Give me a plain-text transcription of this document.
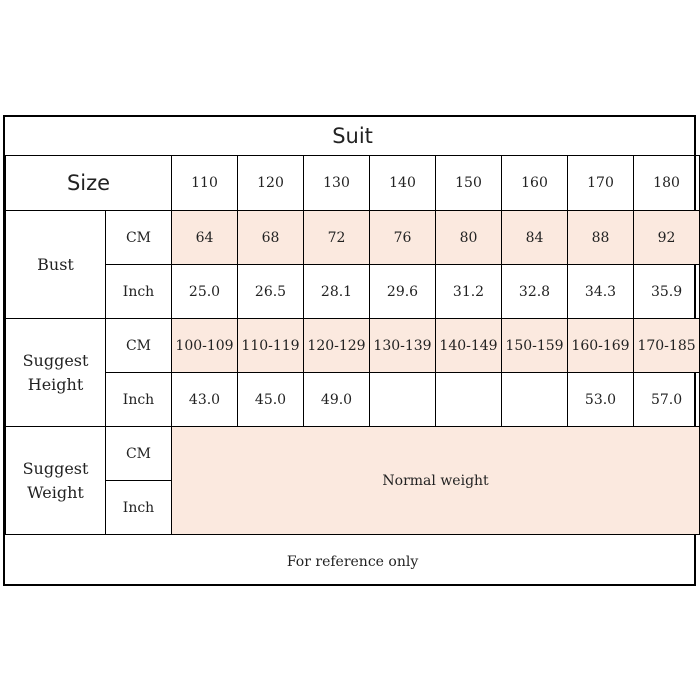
Suit									
Size		110	120	130	140	150	160	170	180
Bust	CM	64	68	72	76	80	84	88	92
	Inch	25.0	26.5	28.1	29.6	31.2	32.8	34.3	35.9

Suggest
Height	CM	100-109	110-119	120-129	130-139	140-149	150-159	160-169	170-185
	Inch	43.0	45.0	49.0				53.0	57.0

Suggest
Weight	CM	Normal weight							
	Inch								
For reference only									
